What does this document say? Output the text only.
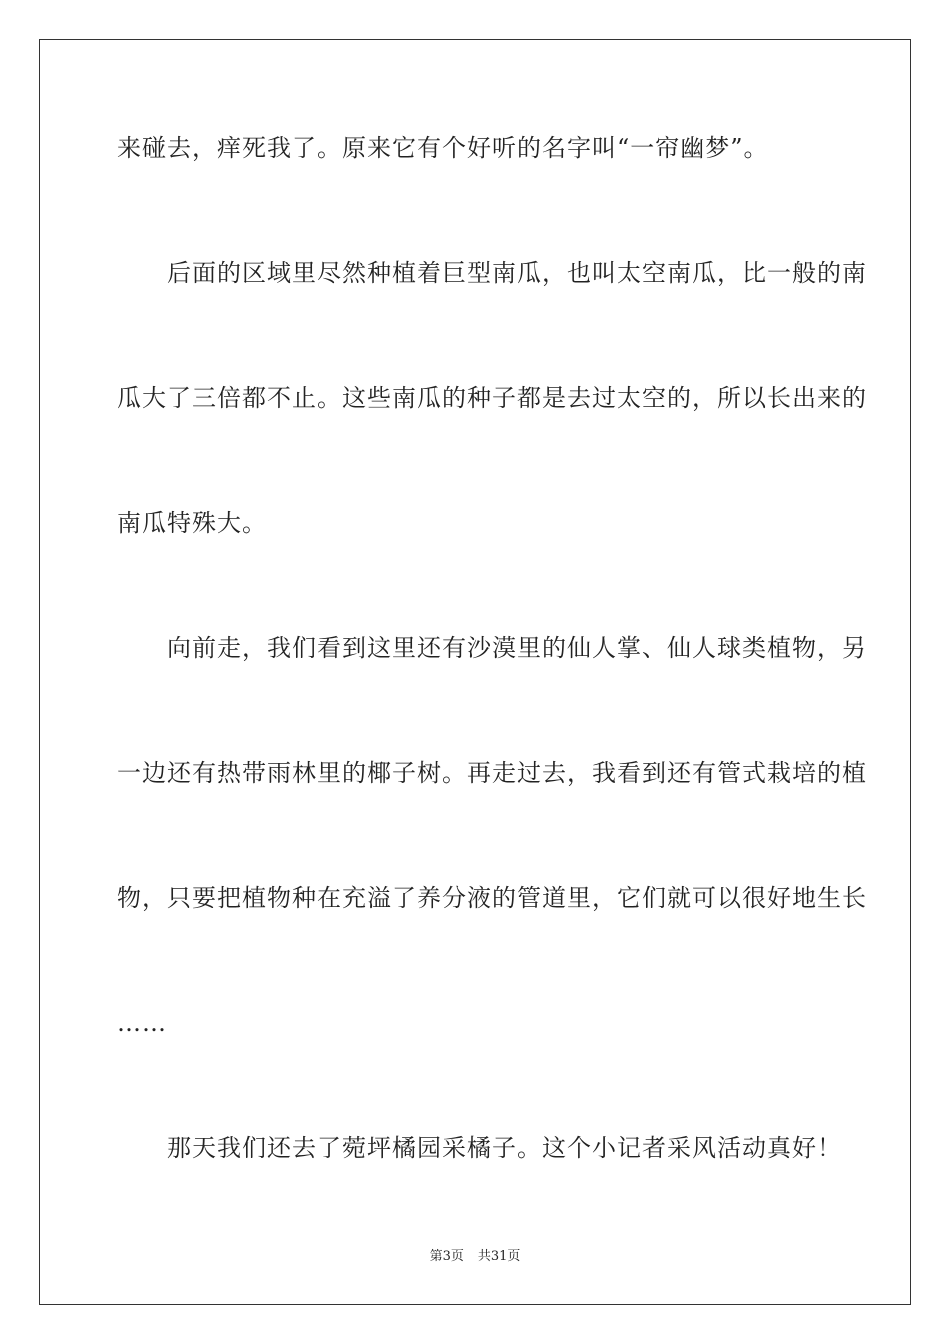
来碰去，痒死我了。原来它有个好听的名字叫“一帘幽梦”。
　　后面的区域里尽然种植着巨型南瓜，也叫太空南瓜，比一般的南
瓜大了三倍都不止。这些南瓜的种子都是去过太空的，所以长出来的
南瓜特殊大。
　　向前走，我们看到这里还有沙漠里的仙人掌、仙人球类植物，另
一边还有热带雨林里的椰子树。再走过去，我看到还有管式栽培的植
物，只要把植物种在充溢了养分液的管道里，它们就可以很好地生长
……
　　那天我们还去了菀坪橘园采橘子。这个小记者采风活动真好！
第3页 共31页
